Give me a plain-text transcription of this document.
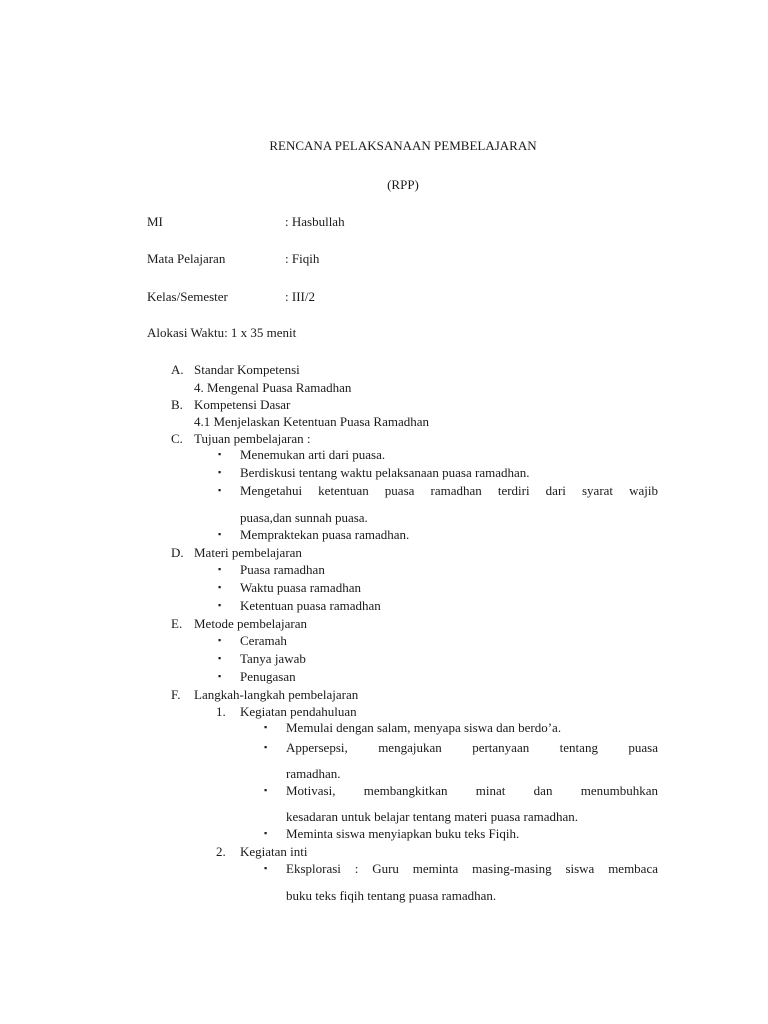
RENCANA PELAKSANAAN PEMBELAJARAN
(RPP)
MI	: Hasbullah
Mata Pelajaran	: Fiqih
Kelas/Semester	: III/2
Alokasi Waktu: 1 x 35 menit
A. Standar Kompetensi
4. Mengenal Puasa Ramadhan
B. Kompetensi Dasar
4.1 Menjelaskan Ketentuan Puasa Ramadhan
C. Tujuan pembelajaran :
▪ Menemukan arti dari puasa.
▪ Berdiskusi tentang waktu pelaksanaan puasa ramadhan.
▪ Mengetahui ketentuan puasa ramadhan terdiri dari syarat wajib
puasa,dan sunnah puasa.
▪ Mempraktekan puasa ramadhan.
D. Materi pembelajaran
▪ Puasa ramadhan
▪ Waktu puasa ramadhan
▪ Ketentuan puasa ramadhan
E. Metode pembelajaran
▪ Ceramah
▪ Tanya jawab
▪ Penugasan
F. Langkah-langkah pembelajaran
1. Kegiatan pendahuluan
▪ Memulai dengan salam, menyapa siswa dan berdo’a.
▪ Appersepsi, mengajukan pertanyaan tentang puasa
ramadhan.
▪ Motivasi, membangkitkan minat dan menumbuhkan
kesadaran untuk belajar tentang materi puasa ramadhan.
▪ Meminta siswa menyiapkan buku teks Fiqih.
2. Kegiatan inti
▪ Eksplorasi : Guru meminta masing-masing siswa membaca
buku teks fiqih tentang puasa ramadhan.
